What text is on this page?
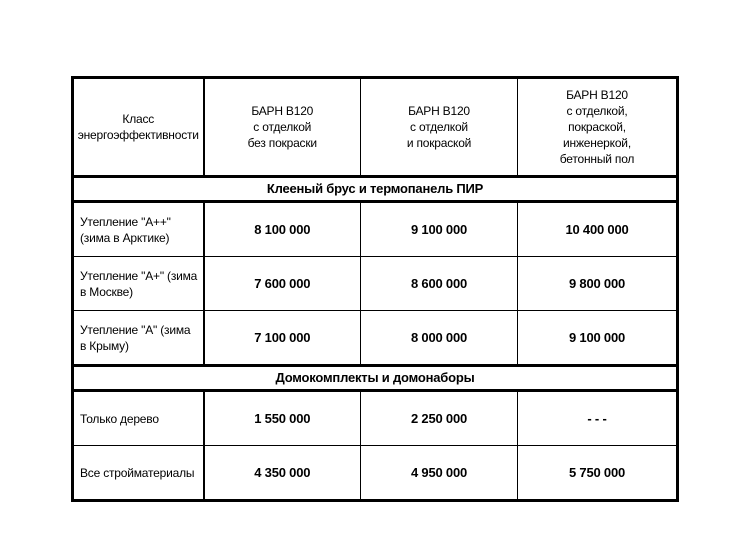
Класс
энергоэффективности	БАРН В120
с отделкой
без покраски	БАРН В120
с отделкой
и покраской	БАРН В120
с отделкой,
покраской,
инженеркой,
бетонный пол

Клееный брус и термопанель ПИР			
Утепление "А++" (зима в Арктике)	8 100 000	9 100 000	10 400 000
Утепление "А+" (зима в Москве)	7 600 000	8 600 000	9 800 000
Утепление "А" (зима в Крыму)	7 100 000	8 000 000	9 100 000
Домокомплекты и домонаборы			
Только дерево	1 550 000	2 250 000	- - -
Все стройматериалы	4 350 000	4 950 000	5 750 000
